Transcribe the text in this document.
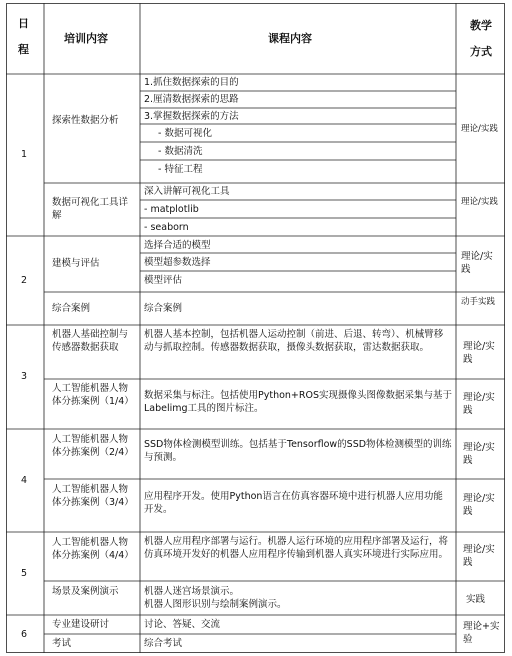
日
程
培训内容	课程内容
教学
方式
1
2
3
4
5
6
探索性数据分析
数据可视化工具详解
建模与评估
综合案例
机器人基础控制与传感器数据获取
人工智能机器人物体分拣案例（1/4）
人工智能机器人物体分拣案例（2/4）
人工智能机器人物体分拣案例（3/4）
人工智能机器人物体分拣案例（4/4）
场景及案例演示
专业建设研讨
考试
1.抓住数据探索的目的
2.厘清数据探索的思路
3.掌握数据探索的方法
- 数据可视化
- 数据清洗
- 特征工程
深入讲解可视化工具
- matplotlib
- seaborn
选择合适的模型
模型超参数选择
模型评估
综合案例
机器人基本控制，包括机器人运动控制（前进、后退、转弯）、机械臂移动与抓取控制。传感器数据获取，摄像头数据获取，雷达数据获取。
数据采集与标注。包括使用Python+ROS实现摄像头图像数据采集与基于Labelimg工具的图片标注。
SSD物体检测模型训练。包括基于Tensorflow的SSD物体检测模型的训练与预测。
应用程序开发。使用Python语言在仿真容器环境中进行机器人应用功能开发。
机器人应用程序部署与运行。机器人运行环境的应用程序部署及运行，将仿真环境开发好的机器人应用程序传输到机器人真实环境进行实际应用。
机器人迷宫场景演示。
机器人图形识别与绘制案例演示。
讨论、答疑、交流
综合考试
理论/实践
理论/实践
理论/实践
动手实践
理论/实践
理论/实践
理论/实践
理论/实践
理论/实践
实践
理论+实验
